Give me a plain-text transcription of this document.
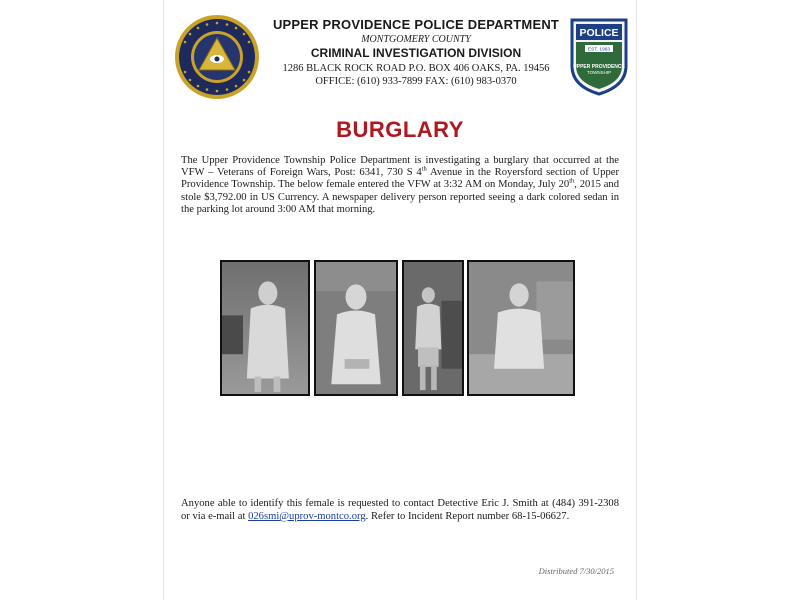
UPPER PROVIDENCE POLICE DEPARTMENT
MONTGOMERY COUNTY
CRIMINAL INVESTIGATION DIVISION
1286 BLACK ROCK ROAD P.O. BOX 406 OAKS, PA. 19456
OFFICE: (610) 933-7899 FAX: (610) 983-0370
POLICE
EST. 1963
UPPER PROVIDENCE
TOWNSHIP
BURGLARY
The Upper Providence Township Police Department is investigating a burglary that occurred at the VFW – Veterans of Foreign Wars, Post: 6341, 730 S 4th Avenue in the Royersford section of Upper Providence Township. The below female entered the VFW at 3:32 AM on Monday, July 20th, 2015 and stole $3,792.00 in US Currency. A newspaper delivery person reported seeing a dark colored sedan in the parking lot around 3:00 AM that morning.
Anyone able to identify this female is requested to contact Detective Eric J. Smith at (484) 391-2308 or via e-mail at 026smi@uprov-montco.org. Refer to Incident Report number 68-15-06627.
Distributed 7/30/2015
